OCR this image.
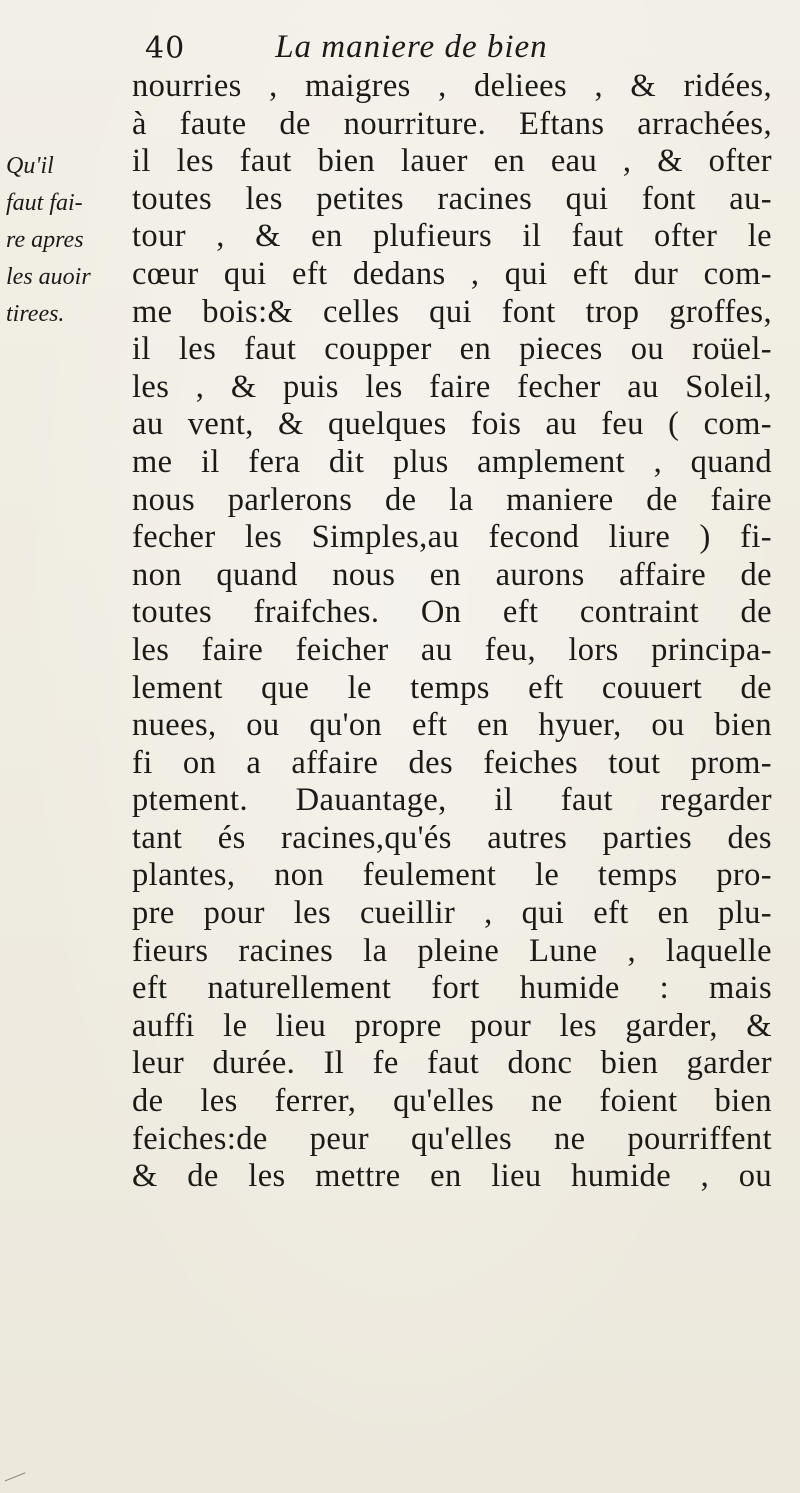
40	La maniere de bien
Qu'il
faut fai-
re apres
les auoir
tirees.
nourries , maigres , deliees , & ridées,
à faute de nourriture. Eftans arrachées,
il les faut bien lauer en eau , & ofter
toutes les petites racines qui font au-
tour , & en plufieurs il faut ofter le
cœur qui eft dedans , qui eft dur com-
me bois:& celles qui font trop groffes,
il les faut coupper en pieces ou roüel-
les , & puis les faire fecher au Soleil,
au vent, & quelques fois au feu ( com-
me il fera dit plus amplement , quand
nous parlerons de la maniere de faire
fecher les Simples,au fecond liure ) fi-
non quand nous en aurons affaire de
toutes fraifches. On eft contraint de
les faire feicher au feu, lors principa-
lement que le temps eft couuert de
nuees, ou qu'on eft en hyuer, ou bien
fi on a affaire des feiches tout prom-
ptement. Dauantage, il faut regarder
tant és racines,qu'és autres parties des
plantes, non feulement le temps pro-
pre pour les cueillir , qui eft en plu-
fieurs racines la pleine Lune , laquelle
eft naturellement fort humide : mais
auffi le lieu propre pour les garder, &
leur durée. Il fe faut donc bien garder
de les ferrer, qu'elles ne foient bien
feiches:de peur qu'elles ne pourriffent
& de les mettre en lieu humide , ou
